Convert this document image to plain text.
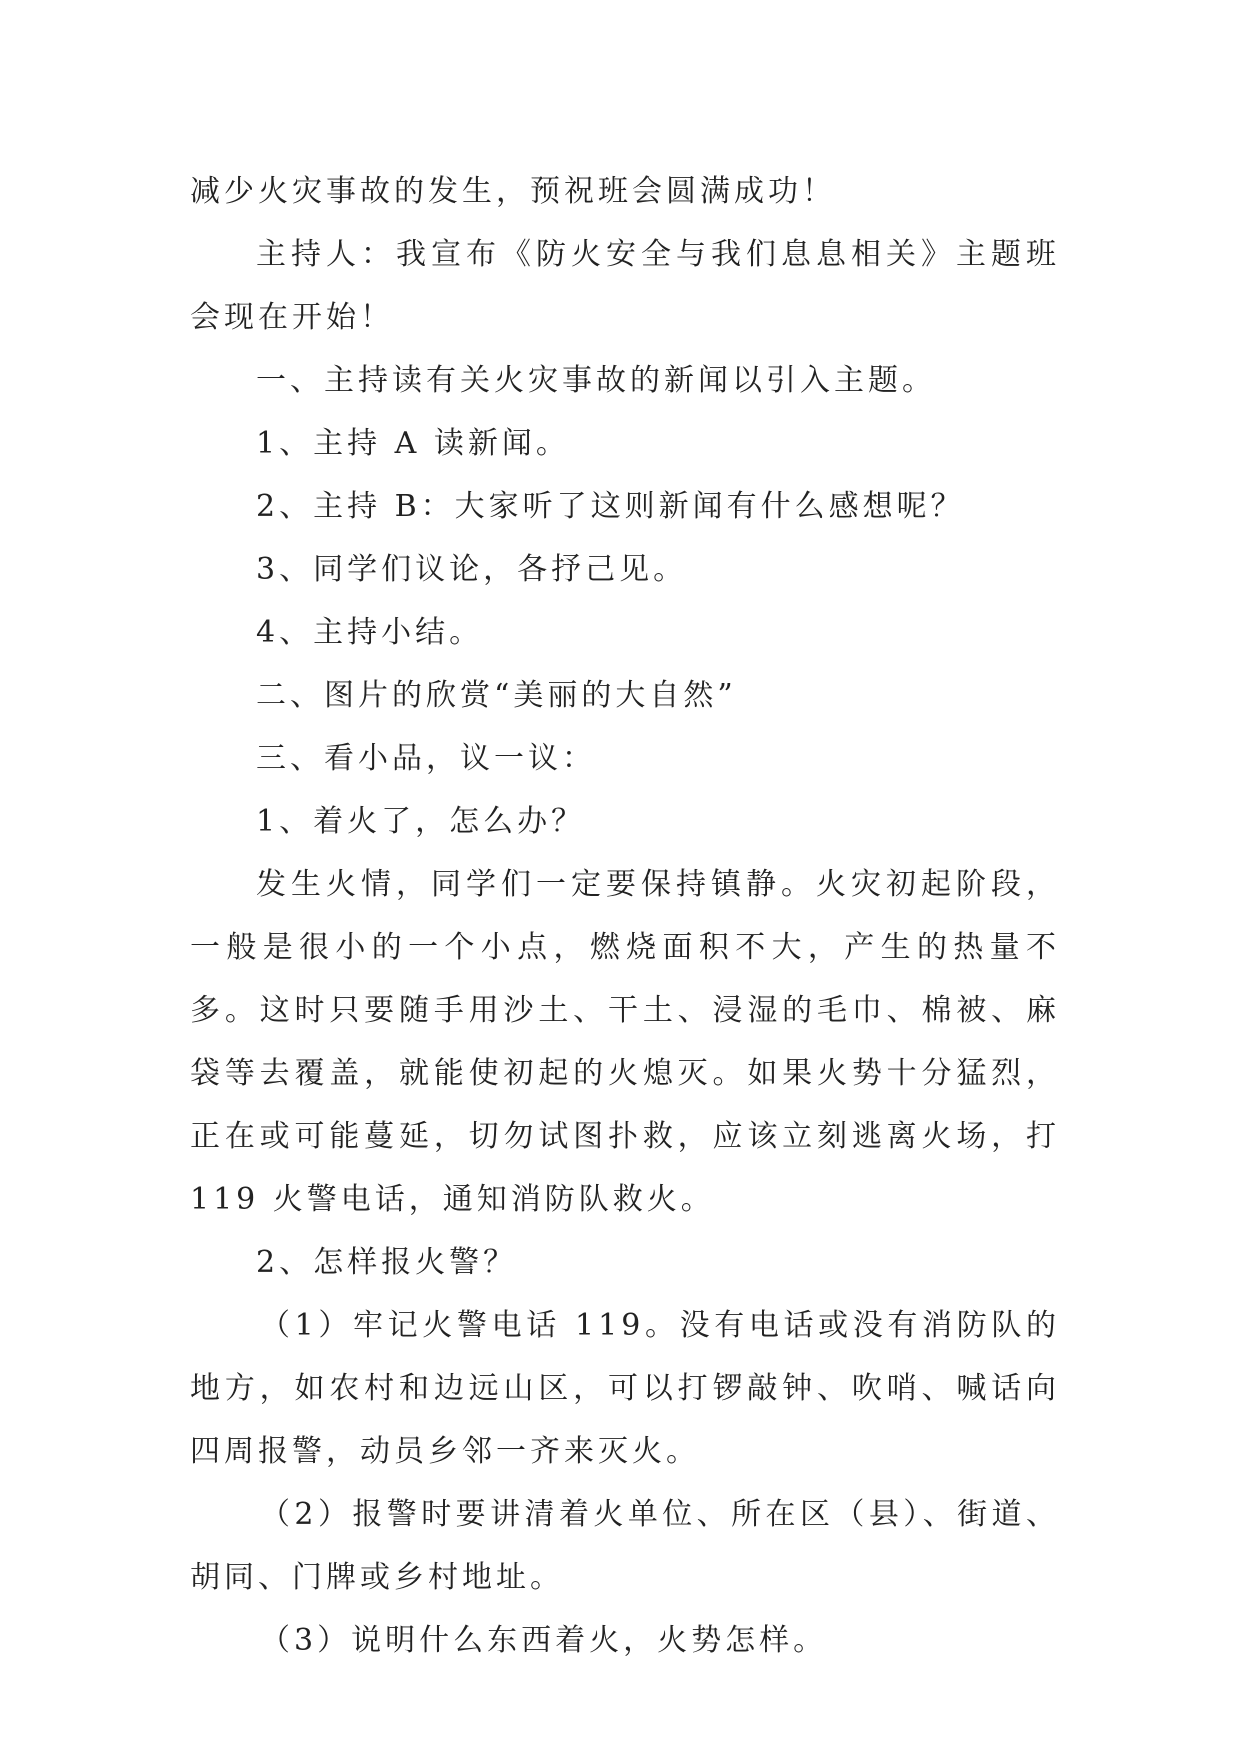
减少火灾事故的发生，预祝班会圆满成功！

主持人：我宣布《防火安全与我们息息相关》主题班会现在开始！

一、主持读有关火灾事故的新闻以引入主题。

1、主持 A 读新闻。

2、主持 B：大家听了这则新闻有什么感想呢？

3、同学们议论，各抒己见。

4、主持小结。

二、图片的欣赏“美丽的大自然”

三、看小品，议一议：

1、着火了，怎么办？

发生火情，同学们一定要保持镇静。火灾初起阶段，一般是很小的一个小点，燃烧面积不大，产生的热量不多。这时只要随手用沙土、干土、浸湿的毛巾、棉被、麻袋等去覆盖，就能使初起的火熄灭。如果火势十分猛烈，正在或可能蔓延，切勿试图扑救，应该立刻逃离火场，打 119 火警电话，通知消防队救火。

2、怎样报火警？

（1）牢记火警电话 119。没有电话或没有消防队的地方，如农村和边远山区，可以打锣敲钟、吹哨、喊话向四周报警，动员乡邻一齐来灭火。

（2）报警时要讲清着火单位、所在区（县）、街道、胡同、门牌或乡村地址。

（3）说明什么东西着火，火势怎样。
